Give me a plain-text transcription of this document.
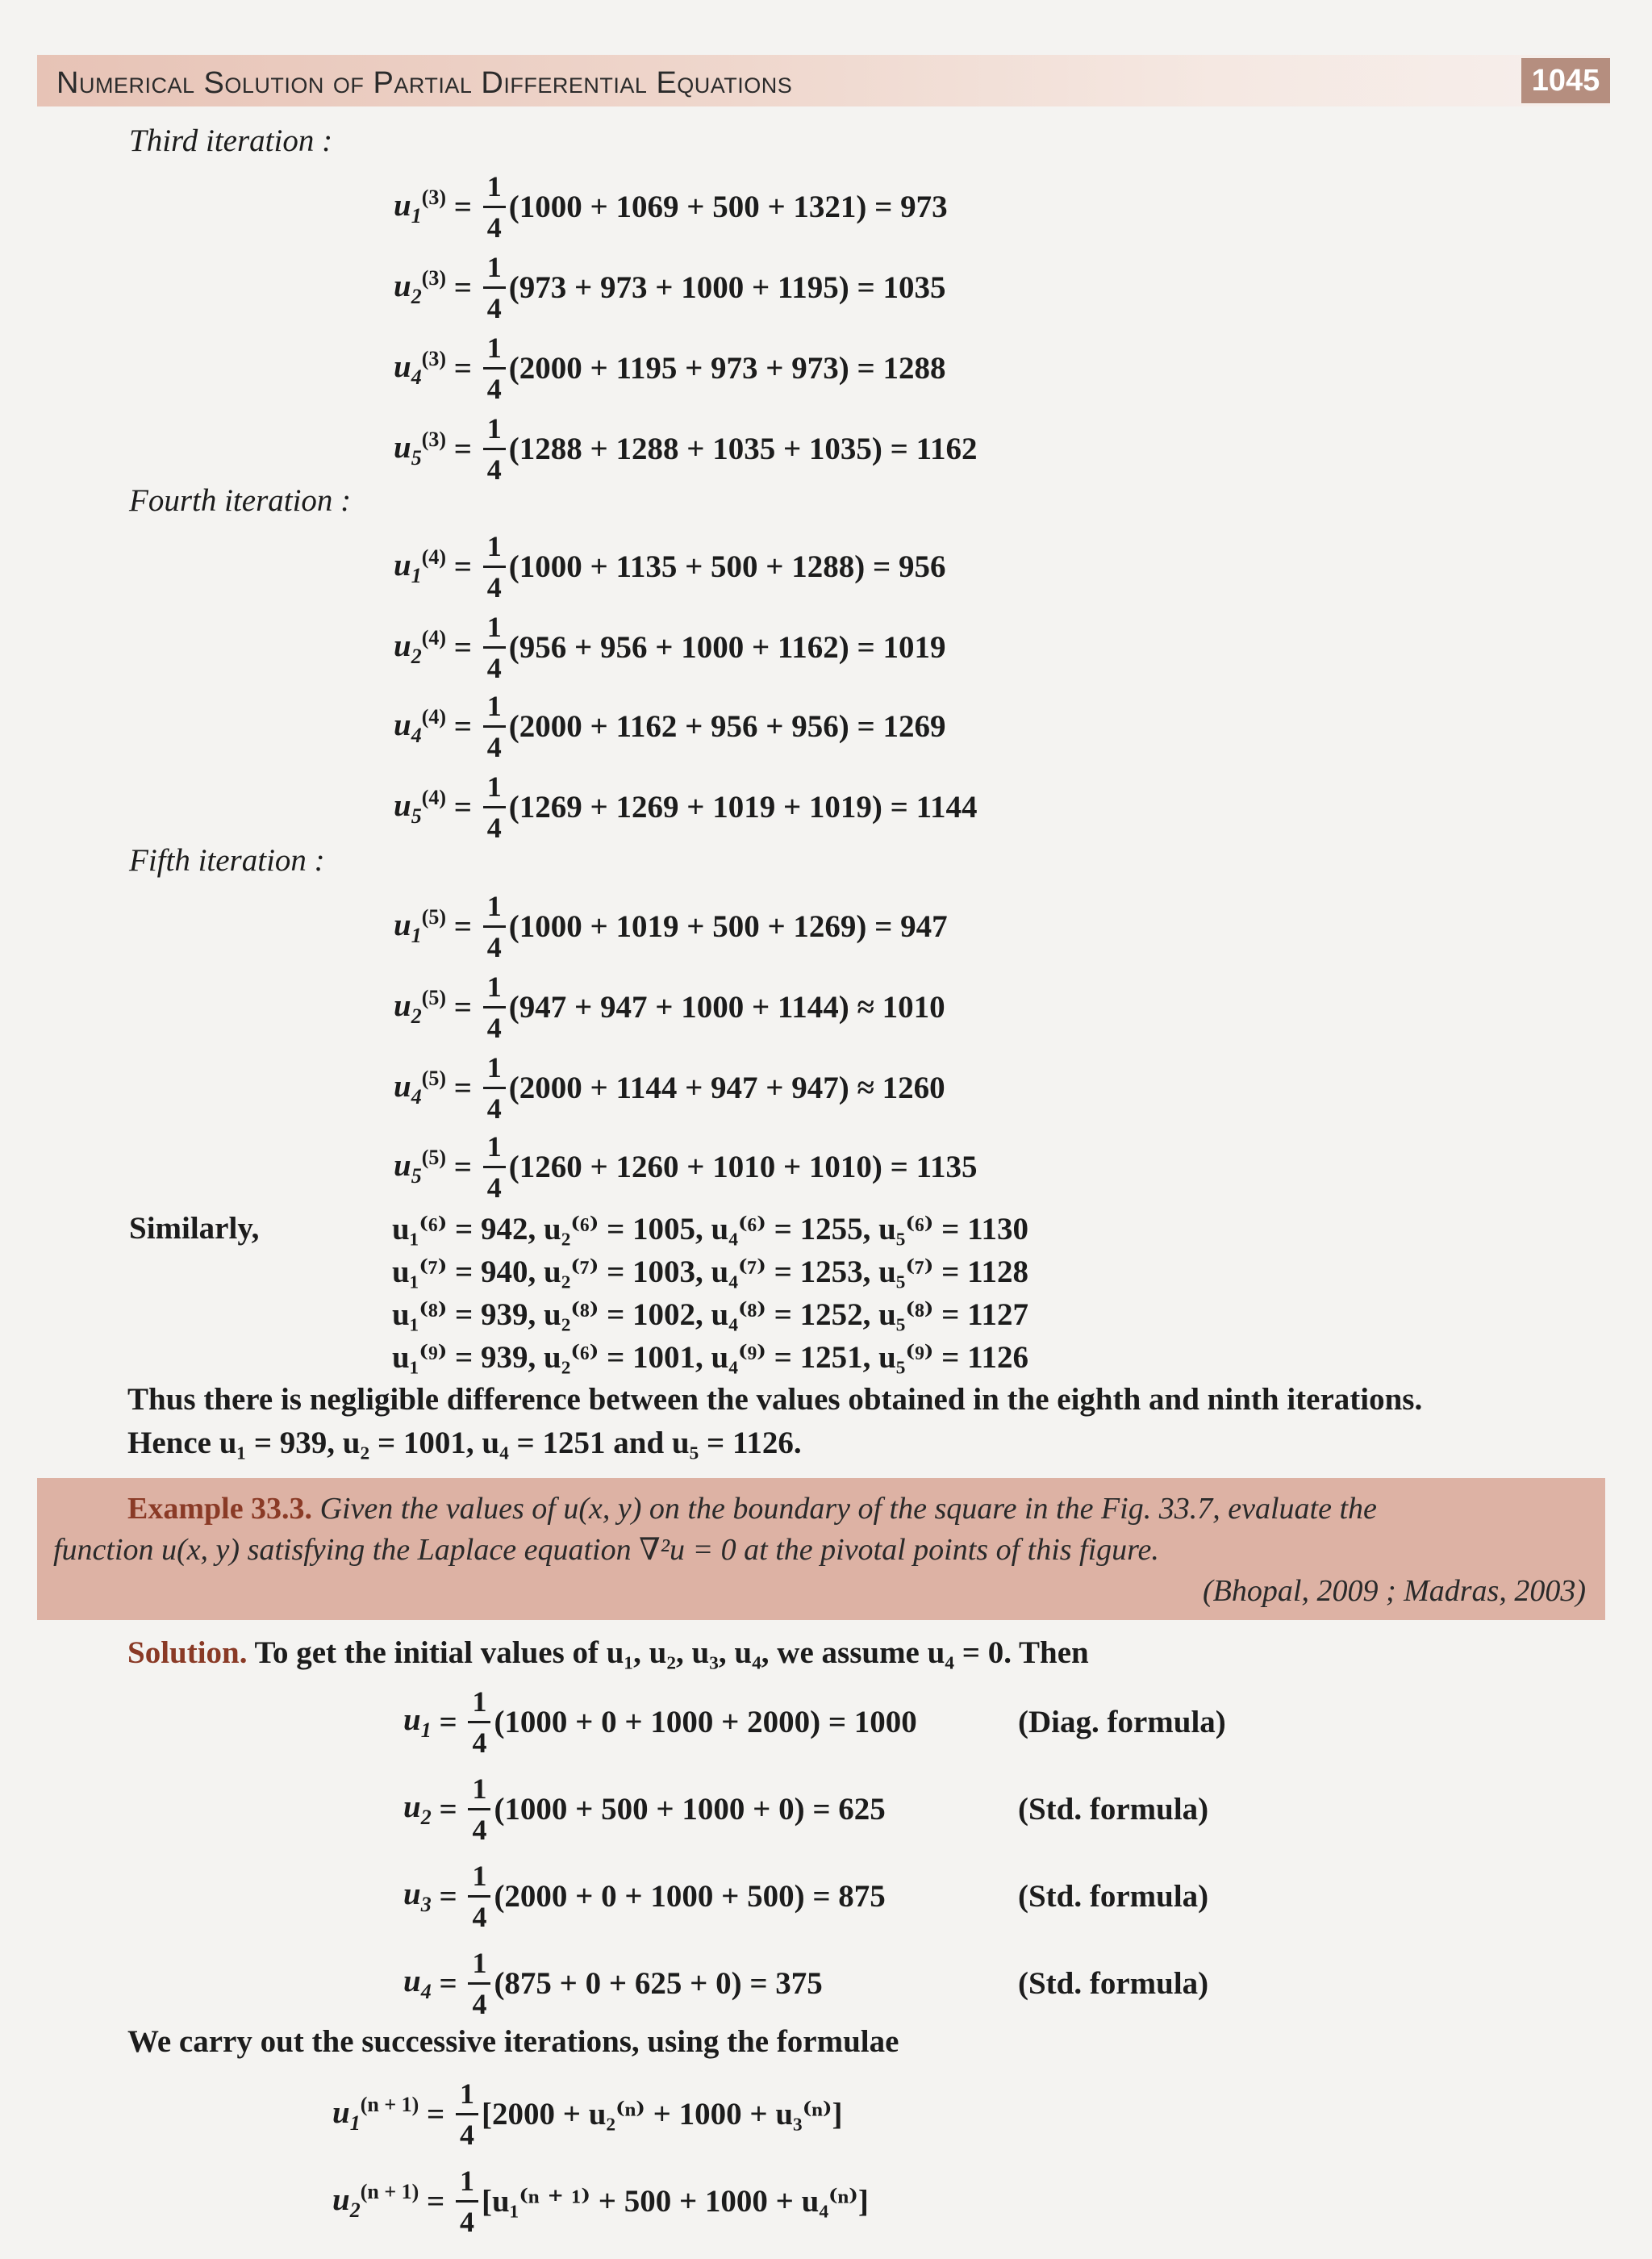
Numerical Solution of Partial Differential Equations	1045
Third iteration :
$u_1^{(3)} = \frac{1}{4} (1000 + 1069 + 500 + 1321) = 973$
$u_2^{(3)} = \frac{1}{4} (973 + 973 + 1000 + 1195) = 1035$
$u_4^{(3)} = \frac{1}{4} (2000 + 1195 + 973 + 973) = 1288$
$u_5^{(3)} = \frac{1}{4} (1288 + 1288 + 1035 + 1035) = 1162$
Fourth iteration :
$u_1^{(4)} = \frac{1}{4} (1000 + 1135 + 500 + 1288) = 956$
$u_2^{(4)} = \frac{1}{4} (956 + 956 + 1000 + 1162) = 1019$
$u_4^{(4)} = \frac{1}{4} (2000 + 1162 + 956 + 956) = 1269$
$u_5^{(4)} = \frac{1}{4} (1269 + 1269 + 1019 + 1019) = 1144$
Fifth iteration :
$u_1^{(5)} = \frac{1}{4} (1000 + 1019 + 500 + 1269) = 947$
$u_2^{(5)} = \frac{1}{4} (947 + 947 + 1000 + 1144) \approx 1010$
$u_4^{(5)} = \frac{1}{4} (2000 + 1144 + 947 + 947) \approx 1260$
$u_5^{(5)} = \frac{1}{4} (1260 + 1260 + 1010 + 1010) = 1135$
Similarly,	u₁⁽⁶⁾ = 942, u₂⁽⁶⁾ = 1005, u₄⁽⁶⁾ = 1255, u₅⁽⁶⁾ = 1130
u₁⁽⁷⁾ = 940, u₂⁽⁷⁾ = 1003, u₄⁽⁷⁾ = 1253, u₅⁽⁷⁾ = 1128
u₁⁽⁸⁾ = 939, u₂⁽⁸⁾ = 1002, u₄⁽⁸⁾ = 1252, u₅⁽⁸⁾ = 1127
u₁⁽⁹⁾ = 939, u₂⁽⁶⁾ = 1001, u₄⁽⁹⁾ = 1251, u₅⁽⁹⁾ = 1126
Thus there is negligible difference between the values obtained in the eighth and ninth iterations.
Hence u₁ = 939, u₂ = 1001, u₄ = 1251 and u₅ = 1126.
Example 33.3. Given the values of u(x, y) on the boundary of the square in the Fig. 33.7, evaluate the
function u(x, y) satisfying the Laplace equation ∇²u = 0 at the pivotal points of this figure.
(Bhopal, 2009 ; Madras, 2003)
Solution. To get the initial values of u₁, u₂, u₃, u₄, we assume u₄ = 0. Then
$u_1 = \frac{1}{4} (1000 + 0 + 1000 + 2000) = 1000$	(Diag. formula)
$u_2 = \frac{1}{4} (1000 + 500 + 1000 + 0) = 625$	(Std. formula)
$u_3 = \frac{1}{4} (2000 + 0 + 1000 + 500) = 875$	(Std. formula)
$u_4 = \frac{1}{4} (875 + 0 + 625 + 0) = 375$	(Std. formula)
We carry out the successive iterations, using the formulae
$u_1^{(n + 1)} = \frac{1}{4} [2000 + u_2^{(n)} + 1000 + u_3^{(n)}]$
$u_2^{(n + 1)} = \frac{1}{4} [u_1^{(n}$ ⁺ ¹⁾ + 500 + 1000 + u₄⁽ⁿ⁾]
